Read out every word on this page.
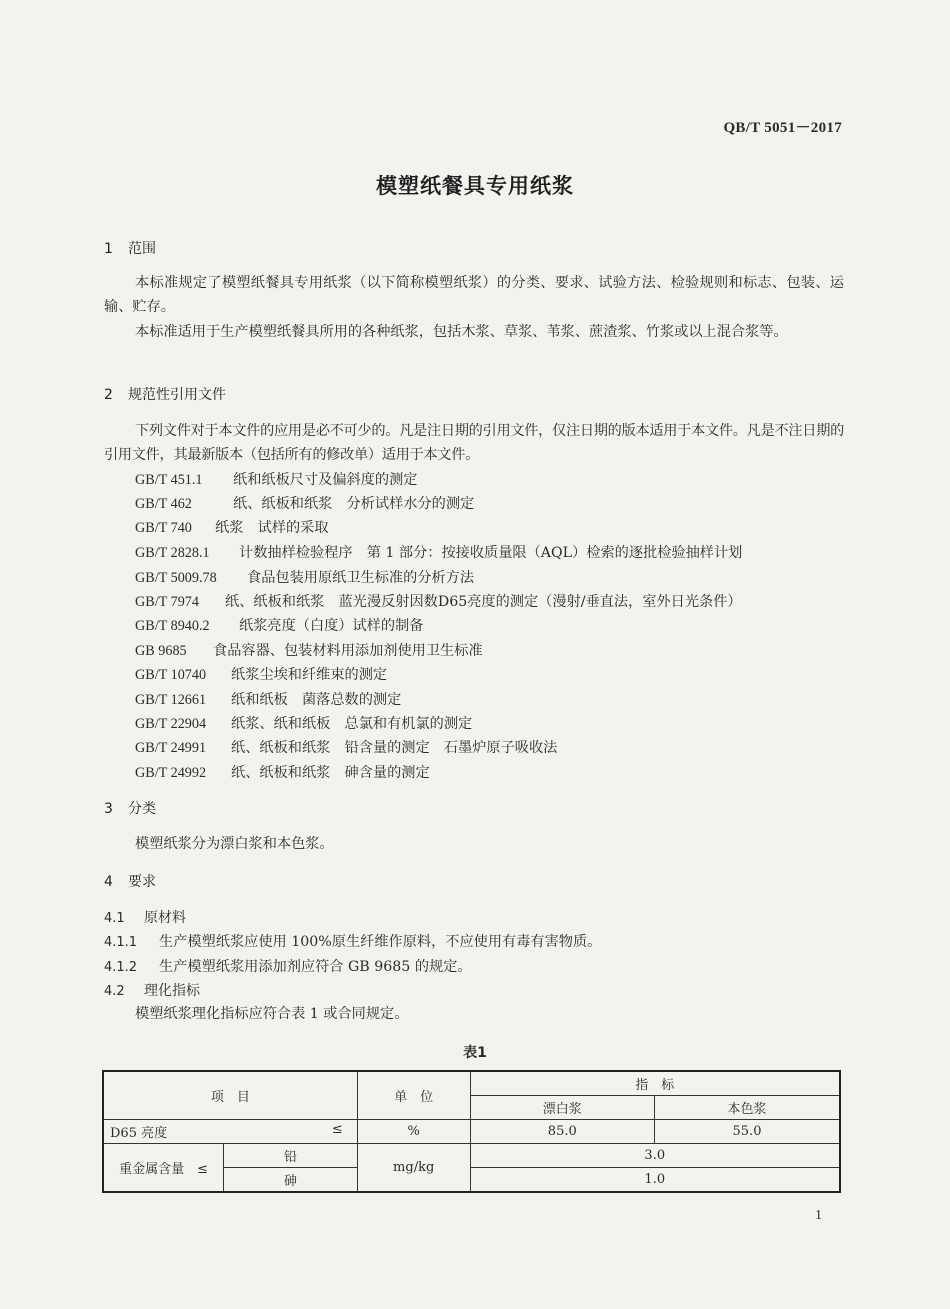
QB/T 5051－2017
模塑纸餐具专用纸浆
1 范围
本标准规定了模塑纸餐具专用纸浆（以下简称模塑纸浆）的分类、要求、试验方法、检验规则和标志、包装、运输、贮存。
本标准适用于生产模塑纸餐具所用的各种纸浆，包括木浆、草浆、苇浆、蔗渣浆、竹浆或以上混合浆等。
2 规范性引用文件
下列文件对于本文件的应用是必不可少的。凡是注日期的引用文件，仅注日期的版本适用于本文件。凡是不注日期的引用文件，其最新版本（包括所有的修改单）适用于本文件。
GB/T 451.1 纸和纸板尺寸及偏斜度的测定
GB/T 462	纸、纸板和纸浆　分析试样水分的测定
GB/T 740 纸浆　试样的采取
GB/T 2828.1 计数抽样检验程序　第 1 部分：按接收质量限（AQL）检索的逐批检验抽样计划
GB/T 5009.78 食品包装用原纸卫生标准的分析方法
GB/T 7974 纸、纸板和纸浆　蓝光漫反射因数D65亮度的测定（漫射/垂直法，室外日光条件）
GB/T 8940.2 纸浆亮度（白度）试样的制备
GB 9685 食品容器、包装材料用添加剂使用卫生标准
GB/T 10740 纸浆尘埃和纤维束的测定
GB/T 12661 纸和纸板　菌落总数的测定
GB/T 22904 纸浆、纸和纸板　总氯和有机氯的测定
GB/T 24991 纸、纸板和纸浆　铅含量的测定　石墨炉原子吸收法
GB/T 24992 纸、纸板和纸浆　砷含量的测定
3 分类
模塑纸浆分为漂白浆和本色浆。
4 要求
4.1 原材料
4.1.1 生产模塑纸浆应使用 100%原生纤维作原料，不应使用有毒有害物质。
4.1.2 生产模塑纸浆用添加剂应符合 GB 9685 的规定。
4.2 理化指标
模塑纸浆理化指标应符合表 1 或合同规定。
表1
项　目		单　位	指　标	
			漂白浆	本色浆
D65 亮度 ≤		%	85.0	55.0
重金属含量　≤	铅	mg/kg	3.0	
	砷		1.0	
1
